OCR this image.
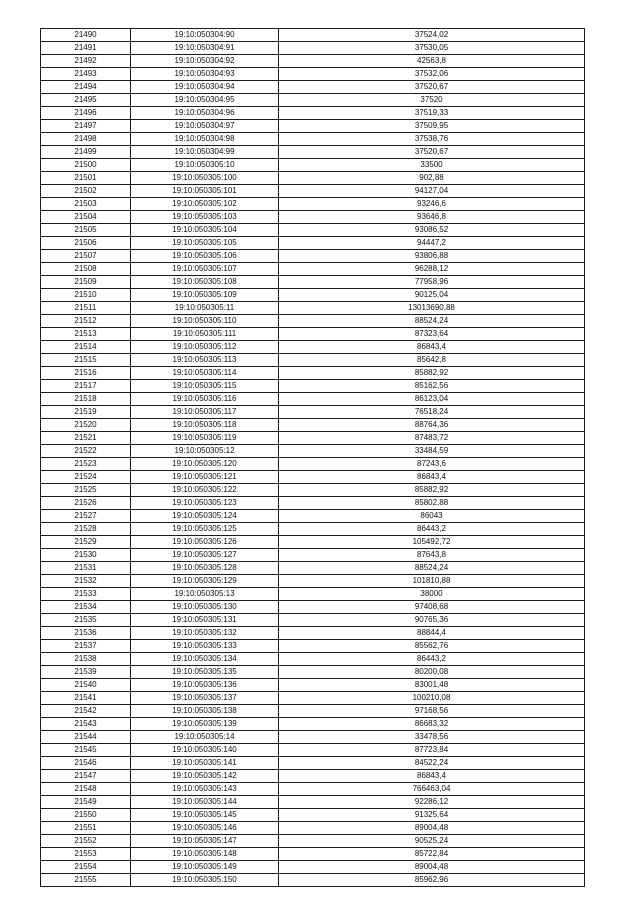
21490	19:10:050304:90	37524,02
21491	19:10:050304:91	37530,05
21492	19:10:050304:92	42563,8
21493	19:10:050304:93	37532,06
21494	19:10:050304:94	37520,67
21495	19:10:050304:95	37520
21496	19:10:050304:96	37519,33
21497	19:10:050304:97	37509,95
21498	19:10:050304:98	37538,76
21499	19:10:050304:99	37520,67
21500	19:10:050305:10	33500
21501	19:10:050305:100	902,88
21502	19:10:050305:101	94127,04
21503	19:10:050305:102	93246,6
21504	19:10:050305:103	93646,8
21505	19:10:050305:104	93086,52
21506	19:10:050305:105	94447,2
21507	19:10:050305:106	93806,88
21508	19:10:050305:107	96288,12
21509	19:10:050305:108	77958,96
21510	19:10:050305:109	90125,04
21511	19:10:050305:11	13013690,88
21512	19:10:050305:110	88524,24
21513	19:10:050305:111	87323,64
21514	19:10:050305:112	86843,4
21515	19:10:050305:113	85642,8
21516	19:10:050305:114	85882,92
21517	19:10:050305:115	85162,56
21518	19:10:050305:116	86123,04
21519	19:10:050305:117	76518,24
21520	19:10:050305:118	88764,36
21521	19:10:050305:119	87483,72
21522	19:10:050305:12	33484,59
21523	19:10:050305:120	87243,6
21524	19:10:050305:121	86843,4
21525	19:10:050305:122	85882,92
21526	19:10:050305:123	85802,88
21527	19:10:050305:124	86043
21528	19:10:050305:125	86443,2
21529	19:10:050305:126	105492,72
21530	19:10:050305:127	87643,8
21531	19:10:050305:128	88524,24
21532	19:10:050305:129	101810,88
21533	19:10:050305:13	38000
21534	19:10:050305:130	97408,68
21535	19:10:050305:131	90765,36
21536	19:10:050305:132	88844,4
21537	19:10:050305:133	85562,76
21538	19:10:050305:134	86443,2
21539	19:10:050305:135	80200,08
21540	19:10:050305:136	83001,48
21541	19:10:050305:137	100210,08
21542	19:10:050305:138	97168,56
21543	19:10:050305:139	86683,32
21544	19:10:050305:14	33478,56
21545	19:10:050305:140	87723,84
21546	19:10:050305:141	84522,24
21547	19:10:050305:142	86843,4
21548	19:10:050305:143	766463,04
21549	19:10:050305:144	92286,12
21550	19:10:050305:145	91325,64
21551	19:10:050305:146	89004,48
21552	19:10:050305:147	90525,24
21553	19:10:050305:148	85722,84
21554	19:10:050305:149	89004,48
21555	19:10:050305:150	85962,96
